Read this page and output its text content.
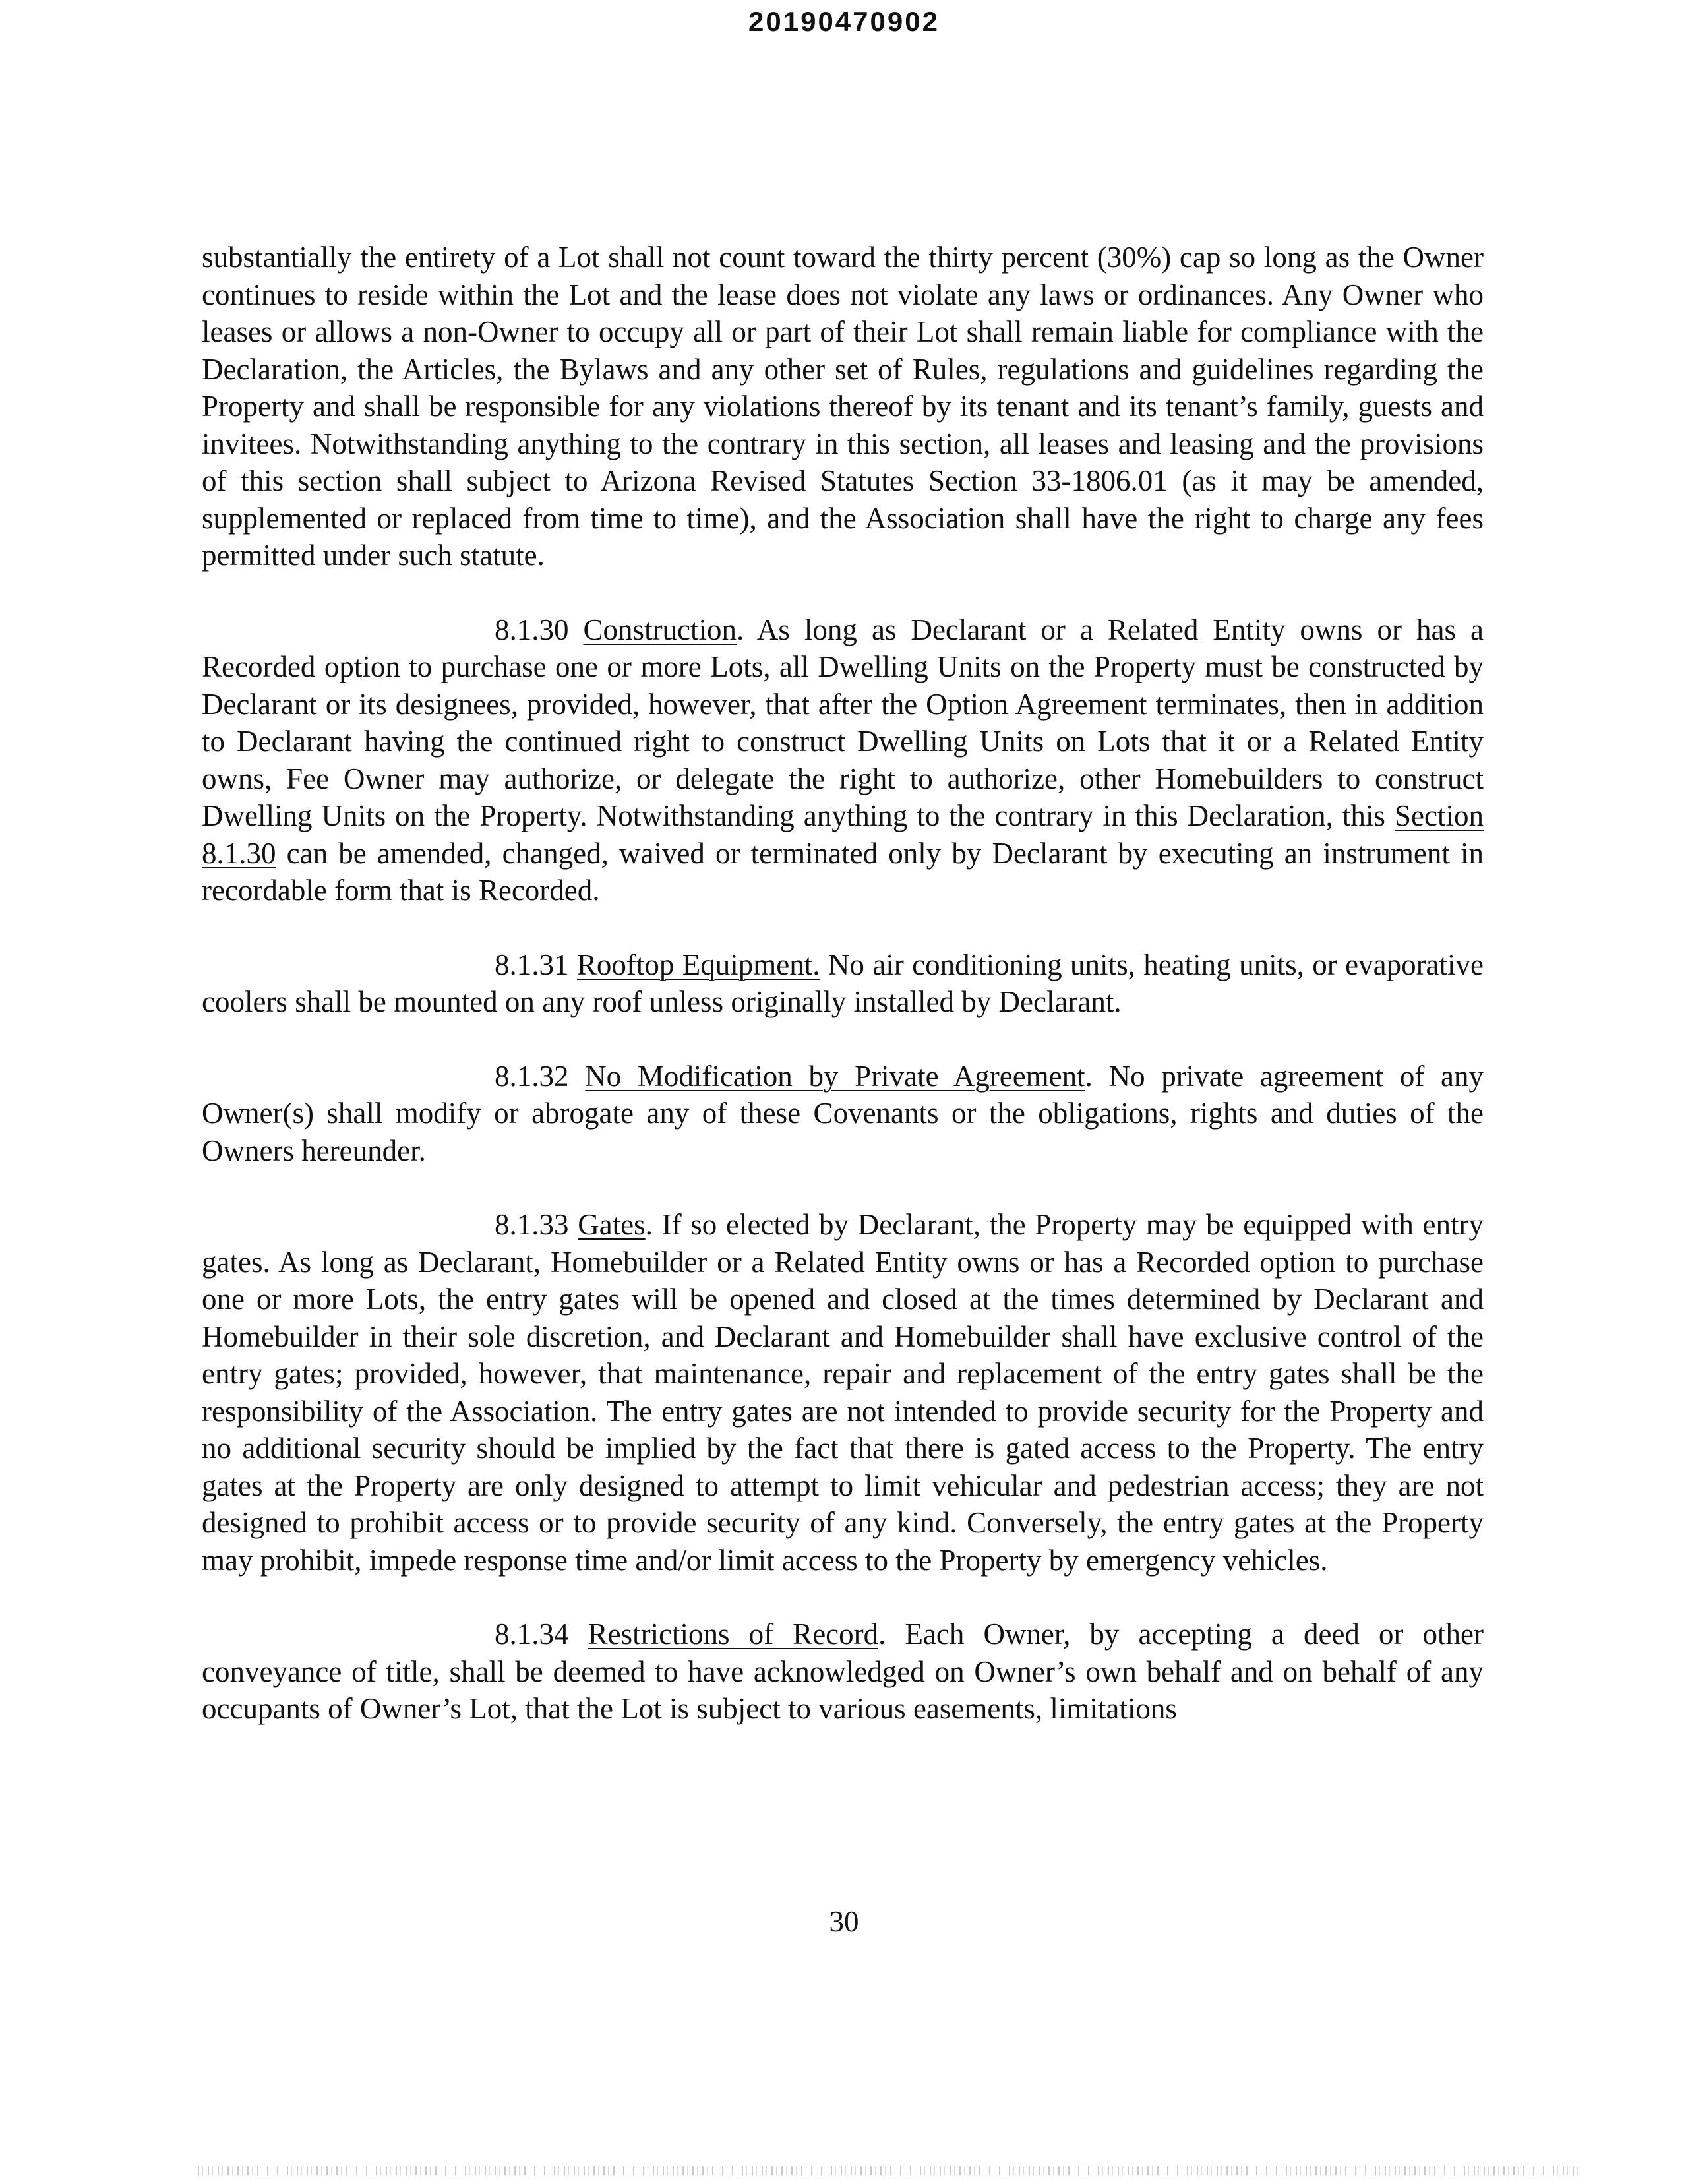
20190470902

substantially the entirety of a Lot shall not count toward the thirty percent (30%) cap so long as the Owner continues to reside within the Lot and the lease does not violate any laws or ordinances. Any Owner who leases or allows a non-Owner to occupy all or part of their Lot shall remain liable for compliance with the Declaration, the Articles, the Bylaws and any other set of Rules, regulations and guidelines regarding the Property and shall be responsible for any violations thereof by its tenant and its tenant’s family, guests and invitees. Notwithstanding anything to the contrary in this section, all leases and leasing and the provisions of this section shall subject to Arizona Revised Statutes Section 33-1806.01 (as it may be amended, supplemented or replaced from time to time), and the Association shall have the right to charge any fees permitted under such statute.

8.1.30 Construction. As long as Declarant or a Related Entity owns or has a Recorded option to purchase one or more Lots, all Dwelling Units on the Property must be constructed by Declarant or its designees, provided, however, that after the Option Agreement terminates, then in addition to Declarant having the continued right to construct Dwelling Units on Lots that it or a Related Entity owns, Fee Owner may authorize, or delegate the right to authorize, other Homebuilders to construct Dwelling Units on the Property. Notwithstanding anything to the contrary in this Declaration, this Section 8.1.30 can be amended, changed, waived or terminated only by Declarant by executing an instrument in recordable form that is Recorded.

8.1.31 Rooftop Equipment. No air conditioning units, heating units, or evaporative coolers shall be mounted on any roof unless originally installed by Declarant.

8.1.32 No Modification by Private Agreement. No private agreement of any Owner(s) shall modify or abrogate any of these Covenants or the obligations, rights and duties of the Owners hereunder.

8.1.33 Gates. If so elected by Declarant, the Property may be equipped with entry gates. As long as Declarant, Homebuilder or a Related Entity owns or has a Recorded option to purchase one or more Lots, the entry gates will be opened and closed at the times determined by Declarant and Homebuilder in their sole discretion, and Declarant and Homebuilder shall have exclusive control of the entry gates; provided, however, that maintenance, repair and replacement of the entry gates shall be the responsibility of the Association. The entry gates are not intended to provide security for the Property and no additional security should be implied by the fact that there is gated access to the Property. The entry gates at the Property are only designed to attempt to limit vehicular and pedestrian access; they are not designed to prohibit access or to provide security of any kind. Conversely, the entry gates at the Property may prohibit, impede response time and/or limit access to the Property by emergency vehicles.

8.1.34 Restrictions of Record. Each Owner, by accepting a deed or other conveyance of title, shall be deemed to have acknowledged on Owner’s own behalf and on behalf of any occupants of Owner’s Lot, that the Lot is subject to various easements, limitations

30
